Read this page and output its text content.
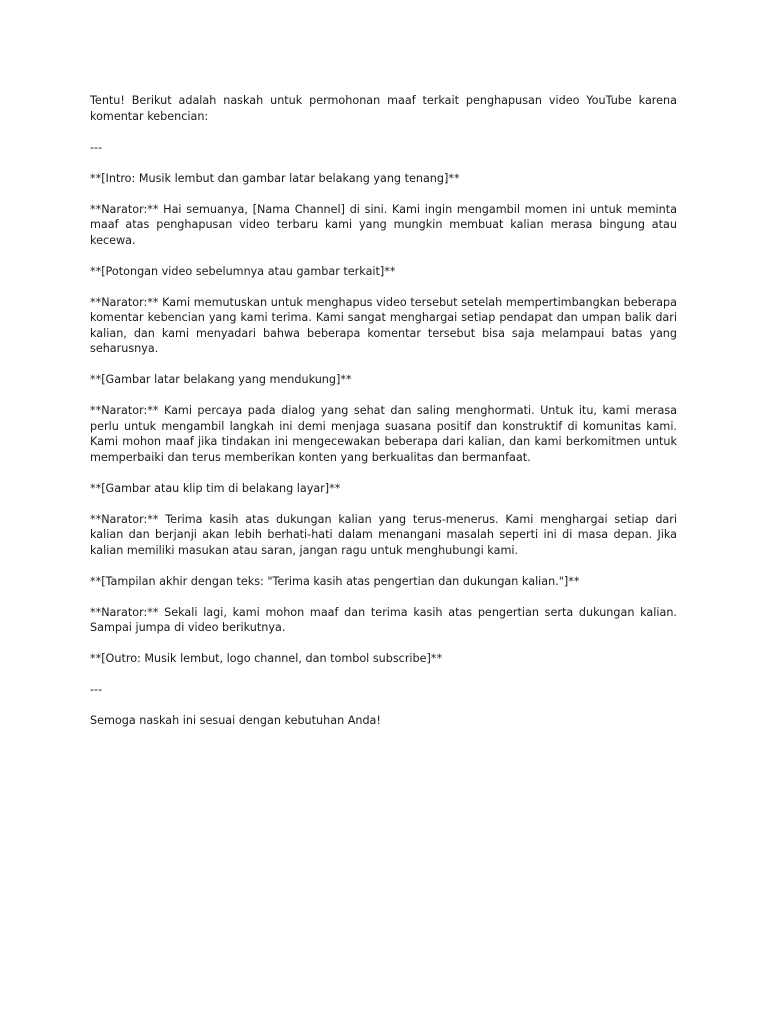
Tentu! Berikut adalah naskah untuk permohonan maaf terkait penghapusan video YouTube karena komentar kebencian:

---

**[Intro: Musik lembut dan gambar latar belakang yang tenang]**

**Narator:** Hai semuanya, [Nama Channel] di sini. Kami ingin mengambil momen ini untuk meminta maaf atas penghapusan video terbaru kami yang mungkin membuat kalian merasa bingung atau kecewa.

**[Potongan video sebelumnya atau gambar terkait]**

**Narator:** Kami memutuskan untuk menghapus video tersebut setelah mempertimbangkan beberapa komentar kebencian yang kami terima. Kami sangat menghargai setiap pendapat dan umpan balik dari kalian, dan kami menyadari bahwa beberapa komentar tersebut bisa saja melampaui batas yang seharusnya.

**[Gambar latar belakang yang mendukung]**

**Narator:** Kami percaya pada dialog yang sehat dan saling menghormati. Untuk itu, kami merasa perlu untuk mengambil langkah ini demi menjaga suasana positif dan konstruktif di komunitas kami. Kami mohon maaf jika tindakan ini mengecewakan beberapa dari kalian, dan kami berkomitmen untuk memperbaiki dan terus memberikan konten yang berkualitas dan bermanfaat.

**[Gambar atau klip tim di belakang layar]**

**Narator:** Terima kasih atas dukungan kalian yang terus-menerus. Kami menghargai setiap dari kalian dan berjanji akan lebih berhati-hati dalam menangani masalah seperti ini di masa depan. Jika kalian memiliki masukan atau saran, jangan ragu untuk menghubungi kami.

**[Tampilan akhir dengan teks: "Terima kasih atas pengertian dan dukungan kalian."]**

**Narator:** Sekali lagi, kami mohon maaf dan terima kasih atas pengertian serta dukungan kalian. Sampai jumpa di video berikutnya.

**[Outro: Musik lembut, logo channel, dan tombol subscribe]**

---

Semoga naskah ini sesuai dengan kebutuhan Anda!
